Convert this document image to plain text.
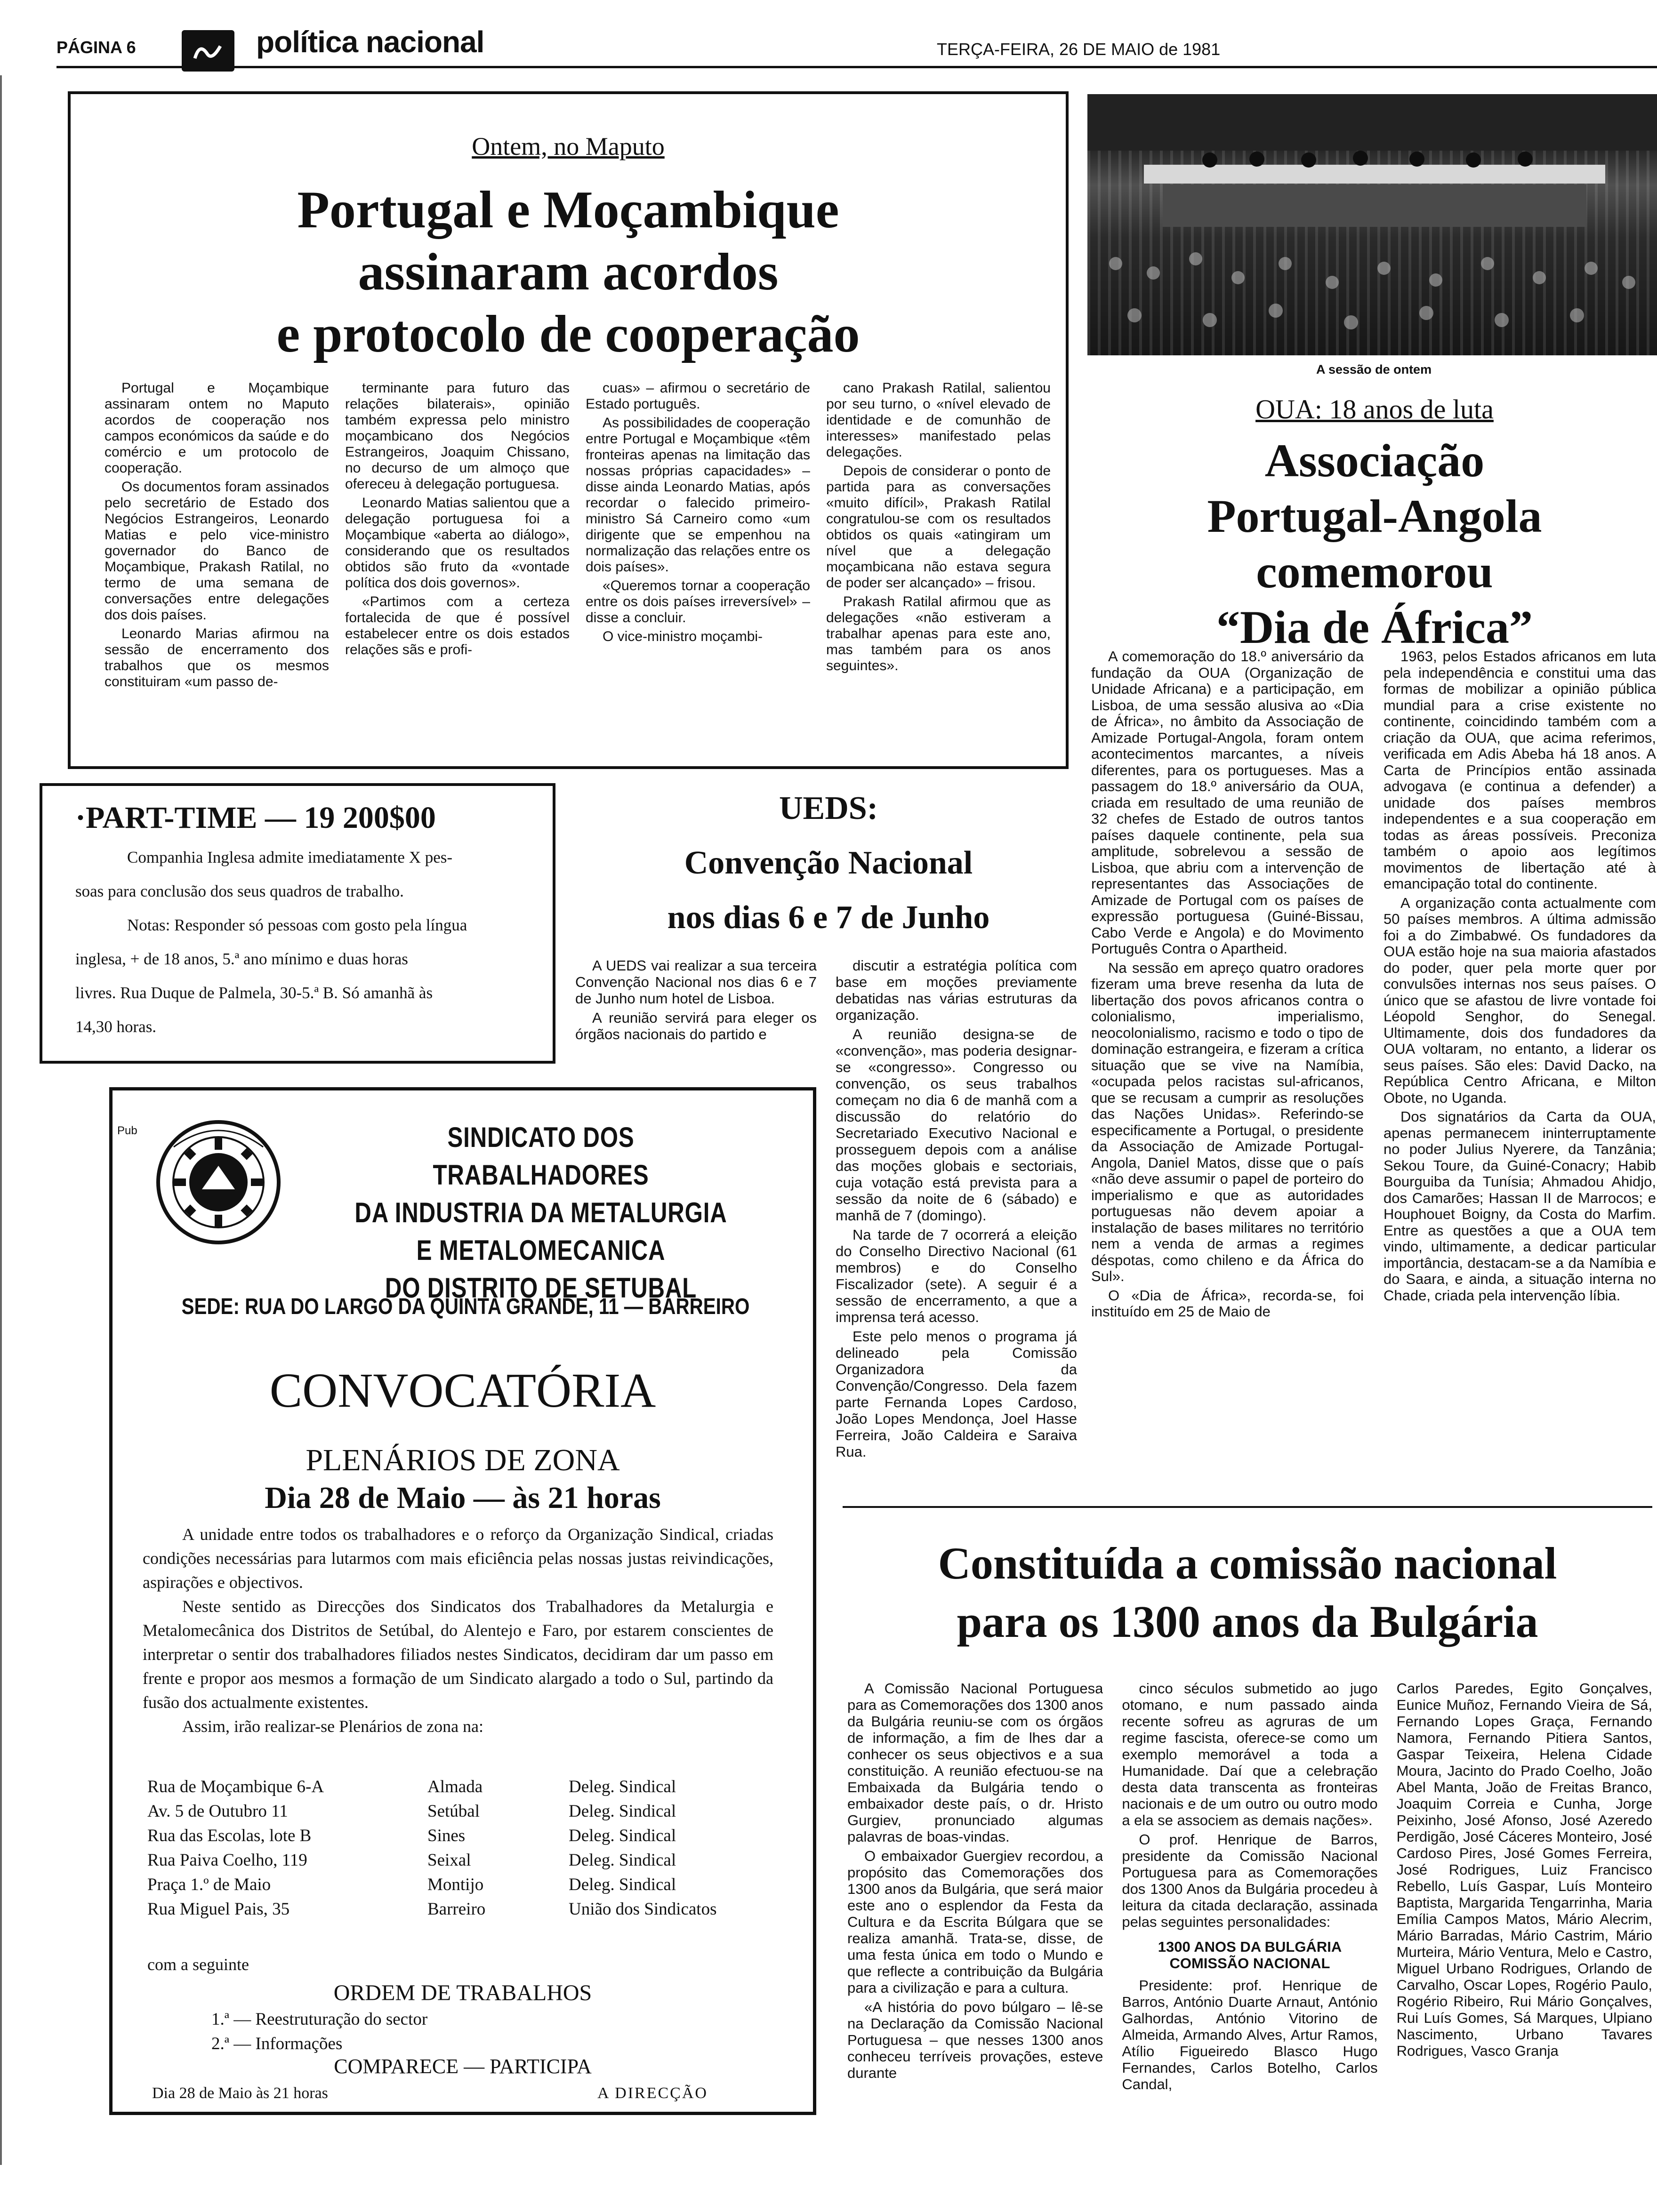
PÁGINA 6	política nacional	TERÇA-FEIRA, 26 DE MAIO de 1981
Ontem, no Maputo
Portugal e Moçambique
assinaram acordos
e protocolo de cooperação

Portugal e Moçambique assinaram ontem no Maputo acordos de cooperação nos campos económicos da saúde e do comércio e um protocolo de cooperação.

Os documentos foram assinados pelo secretário de Estado dos Negócios Estrangeiros, Leonardo Matias e pelo vice-ministro governador do Banco de Moçambique, Prakash Ratilal, no termo de uma semana de conversações entre delegações dos dois países.

Leonardo Marias afirmou na sessão de encerramento dos trabalhos que os mesmos constituiram «um passo de-

terminante para futuro das relações bilaterais», opinião também expressa pelo ministro moçambicano dos Negócios Estrangeiros, Joaquim Chissano, no decurso de um almoço que ofereceu à delegação portuguesa.

Leonardo Matias salientou que a delegação portuguesa foi a Moçambique «aberta ao diálogo», considerando que os resultados obtidos são fruto da «vontade política dos dois governos».

«Partimos com a certeza fortalecida de que é possível estabelecer entre os dois estados relações sãs e profi-

cuas» – afirmou o secretário de Estado português.

As possibilidades de cooperação entre Portugal e Moçambique «têm fronteiras apenas na limitação das nossas próprias capacidades» – disse ainda Leonardo Matias, após recordar o falecido primeiro-ministro Sá Carneiro como «um dirigente que se empenhou na normalização das relações entre os dois países».

«Queremos tornar a cooperação entre os dois países irreversível» – disse a concluir.

O vice-ministro moçambi-

cano Prakash Ratilal, salientou por seu turno, o «nível elevado de identidade e de comunhão de interesses» manifestado pelas delegações.

Depois de considerar o ponto de partida para as conversações «muito difícil», Prakash Ratilal congratulou-se com os resultados obtidos os quais «atingiram um nível que a delegação moçambicana não estava segura de poder ser alcançado» – frisou.

Prakash Ratilal afirmou que as delegações «não estiveram a trabalhar apenas para este ano, mas também para os anos seguintes».

A sessão de ontem
OUA: 18 anos de luta
Associação
Portugal-Angola
comemorou
“Dia de África”

A comemoração do 18.º aniversário da fundação da OUA (Organização de Unidade Africana) e a participação, em Lisboa, de uma sessão alusiva ao «Dia de África», no âmbito da Associação de Amizade Portugal-Angola, foram ontem acontecimentos marcantes, a níveis diferentes, para os portugueses. Mas a passagem do 18.º aniversário da OUA, criada em resultado de uma reunião de 32 chefes de Estado de outros tantos países daquele continente, pela sua amplitude, sobrelevou a sessão de Lisboa, que abriu com a intervenção de representantes das Associações de Amizade de Portugal com os países de expressão portuguesa (Guiné-Bissau, Cabo Verde e Angola) e do Movimento Português Contra o Apartheid.

Na sessão em apreço quatro oradores fizeram uma breve resenha da luta de libertação dos povos africanos contra o colonialismo, imperialismo, neocolonialismo, racismo e todo o tipo de dominação estrangeira, e fizeram a crítica situação que se vive na Namíbia, «ocupada pelos racistas sul-africanos, que se recusam a cumprir as resoluções das Nações Unidas». Referindo-se especificamente a Portugal, o presidente da Associação de Amizade Portugal-Angola, Daniel Matos, disse que o país «não deve assumir o papel de porteiro do imperialismo e que as autoridades portuguesas não devem apoiar a instalação de bases militares no território nem a venda de armas a regimes déspotas, como chileno e da África do Sul».

O «Dia de África», recorda-se, foi instituído em 25 de Maio de

1963, pelos Estados africanos em luta pela independência e constitui uma das formas de mobilizar a opinião pública mundial para a crise existente no continente, coincidindo também com a criação da OUA, que acima referimos, verificada em Adis Abeba há 18 anos. A Carta de Princípios então assinada advogava (e continua a defender) a unidade dos países membros independentes e a sua cooperação em todas as áreas possíveis. Preconiza também o apoio aos legítimos movimentos de libertação até à emancipação total do continente.

A organização conta actualmente com 50 países membros. A última admissão foi a do Zimbabwé. Os fundadores da OUA estão hoje na sua maioria afastados do poder, quer pela morte quer por convulsões internas nos seus países. O único que se afastou de livre vontade foi Léopold Senghor, do Senegal. Ultimamente, dois dos fundadores da OUA voltaram, no entanto, a liderar os seus países. São eles: David Dacko, na República Centro Africana, e Milton Obote, no Uganda.

Dos signatários da Carta da OUA, apenas permanecem ininterruptamente no poder Julius Nyerere, da Tanzânia; Sekou Toure, da Guiné-Conacry; Habib Bourguiba da Tunísia; Ahmadou Ahidjo, dos Camarões; Hassan II de Marrocos; e Houphouet Boigny, da Costa do Marfim. Entre as questões a que a OUA tem vindo, ultimamente, a dedicar particular importância, destacam-se a da Namíbia e do Saara, e ainda, a situação interna no Chade, criada pela intervenção líbia.

·PART-TIME — 19 200$00
Companhia Inglesa admite imediatamente X pes-
soas para conclusão dos seus quadros de trabalho.
Notas: Responder só pessoas com gosto pela língua
inglesa, + de 18 anos, 5.ª ano mínimo e duas horas
livres. Rua Duque de Palmela, 30-5.ª B. Só amanhã às
14,30 horas.
UEDS:
Convenção Nacional
nos dias 6 e 7 de Junho

A UEDS vai realizar a sua terceira Convenção Nacional nos dias 6 e 7 de Junho num hotel de Lisboa.

A reunião servirá para eleger os órgãos nacionais do partido e

discutir a estratégia política com base em moções previamente debatidas nas várias estruturas da organização.

A reunião designa-se de «convenção», mas poderia designar-se «congresso». Congresso ou convenção, os seus trabalhos começam no dia 6 de manhã com a discussão do relatório do Secretariado Executivo Nacional e prosseguem depois com a análise das moções globais e sectoriais, cuja votação está prevista para a sessão da noite de 6 (sábado) e manhã de 7 (domingo).

Na tarde de 7 ocorrerá a eleição do Conselho Directivo Nacional (61 membros) e do Conselho Fiscalizador (sete). A seguir é a sessão de encerramento, a que a imprensa terá acesso.

Este pelo menos o programa já delineado pela Comissão Organizadora da Convenção/Congresso. Dela fazem parte Fernanda Lopes Cardoso, João Lopes Mendonça, Joel Hasse Ferreira, João Caldeira e Saraiva Rua.

Pub	SINDICATO DOS TRABALHADORES
DA INDUSTRIA DA METALURGIA
E METALOMECANICA
DO DISTRITO DE SETUBAL
SEDE: RUA DO LARGO DA QUINTA GRANDE, 11 — BARREIRO
CONVOCATÓRIA
PLENÁRIOS DE ZONA
Dia 28 de Maio — às 21 horas
A unidade entre todos os trabalhadores e o reforço da Organização Sindical, criadas condições necessárias para lutarmos com mais eficiência pelas nossas justas reivindicações, aspirações e objectivos.
Neste sentido as Direcções dos Sindicatos dos Trabalhadores da Metalurgia e Metalomecânica dos Distritos de Setúbal, do Alentejo e Faro, por estarem conscientes de interpretar o sentir dos trabalhadores filiados nestes Sindicatos, decidiram dar um passo em frente e propor aos mesmos a formação de um Sindicato alargado a todo o Sul, partindo da fusão dos actualmente existentes.
Assim, irão realizar-se Plenários de zona na:
Rua de Moçambique 6-A	Almada	Deleg. Sindical
Av. 5 de Outubro 11	Setúbal	Deleg. Sindical
Rua das Escolas, lote B	Sines	Deleg. Sindical
Rua Paiva Coelho, 119	Seixal	Deleg. Sindical
Praça 1.º de Maio	Montijo	Deleg. Sindical
Rua Miguel Pais, 35	Barreiro	União dos Sindicatos
com a seguinte
ORDEM DE TRABALHOS
1.ª — Reestruturação do sector
2.ª — Informações
COMPARECE — PARTICIPA
Dia 28 de Maio às 21 horas	A DIRECÇÃO
Constituída a comissão nacional
para os 1300 anos da Bulgária

A Comissão Nacional Portuguesa para as Comemorações dos 1300 anos da Bulgária reuniu-se com os órgãos de informação, a fim de lhes dar a conhecer os seus objectivos e a sua constituição. A reunião efectuou-se na Embaixada da Bulgária tendo o embaixador deste país, o dr. Hristo Gurgiev, pronunciado algumas palavras de boas-vindas.

O embaixador Guergiev recordou, a propósito das Comemorações dos 1300 anos da Bulgária, que será maior este ano o esplendor da Festa da Cultura e da Escrita Búlgara que se realiza amanhã. Trata-se, disse, de uma festa única em todo o Mundo e que reflecte a contribuição da Bulgária para a civilização e para a cultura.

«A história do povo búlgaro – lê-se na Declaração da Comissão Nacional Portuguesa – que nesses 1300 anos conheceu terríveis provações, esteve durante

cinco séculos submetido ao jugo otomano, e num passado ainda recente sofreu as agruras de um regime fascista, oferece-se como um exemplo memorável a toda a Humanidade. Daí que a celebração desta data transcenta as fronteiras nacionais e de um outro ou outro modo a ela se associem as demais nações».

O prof. Henrique de Barros, presidente da Comissão Nacional Portuguesa para as Comemorações dos 1300 Anos da Bulgária procedeu à leitura da citada declaração, assinada pelas seguintes personalidades:

1300 ANOS DA BULGÁRIA
COMISSÃO NACIONAL

Presidente: prof. Henrique de Barros, António Duarte Arnaut, António Galhordas, António Vitorino de Almeida, Armando Alves, Artur Ramos, Atílio Figueiredo Blasco Hugo Fernandes, Carlos Botelho, Carlos Candal,

Carlos Paredes, Egito Gonçalves, Eunice Muñoz, Fernando Vieira de Sá, Fernando Lopes Graça, Fernando Namora, Fernando Pitiera Santos, Gaspar Teixeira, Helena Cidade Moura, Jacinto do Prado Coelho, João Abel Manta, João de Freitas Branco, Joaquim Correia e Cunha, Jorge Peixinho, José Afonso, José Azeredo Perdigão, José Cáceres Monteiro, José Cardoso Pires, José Gomes Ferreira, José Rodrigues, Luiz Francisco Rebello, Luís Gaspar, Luís Monteiro Baptista, Margarida Tengarrinha, Maria Emília Campos Matos, Mário Alecrim, Mário Barradas, Mário Castrim, Mário Murteira, Mário Ventura, Melo e Castro, Miguel Urbano Rodrigues, Orlando de Carvalho, Oscar Lopes, Rogério Paulo, Rogério Ribeiro, Rui Mário Gonçalves, Rui Luís Gomes, Sá Marques, Ulpiano Nascimento, Urbano Tavares Rodrigues, Vasco Granja
